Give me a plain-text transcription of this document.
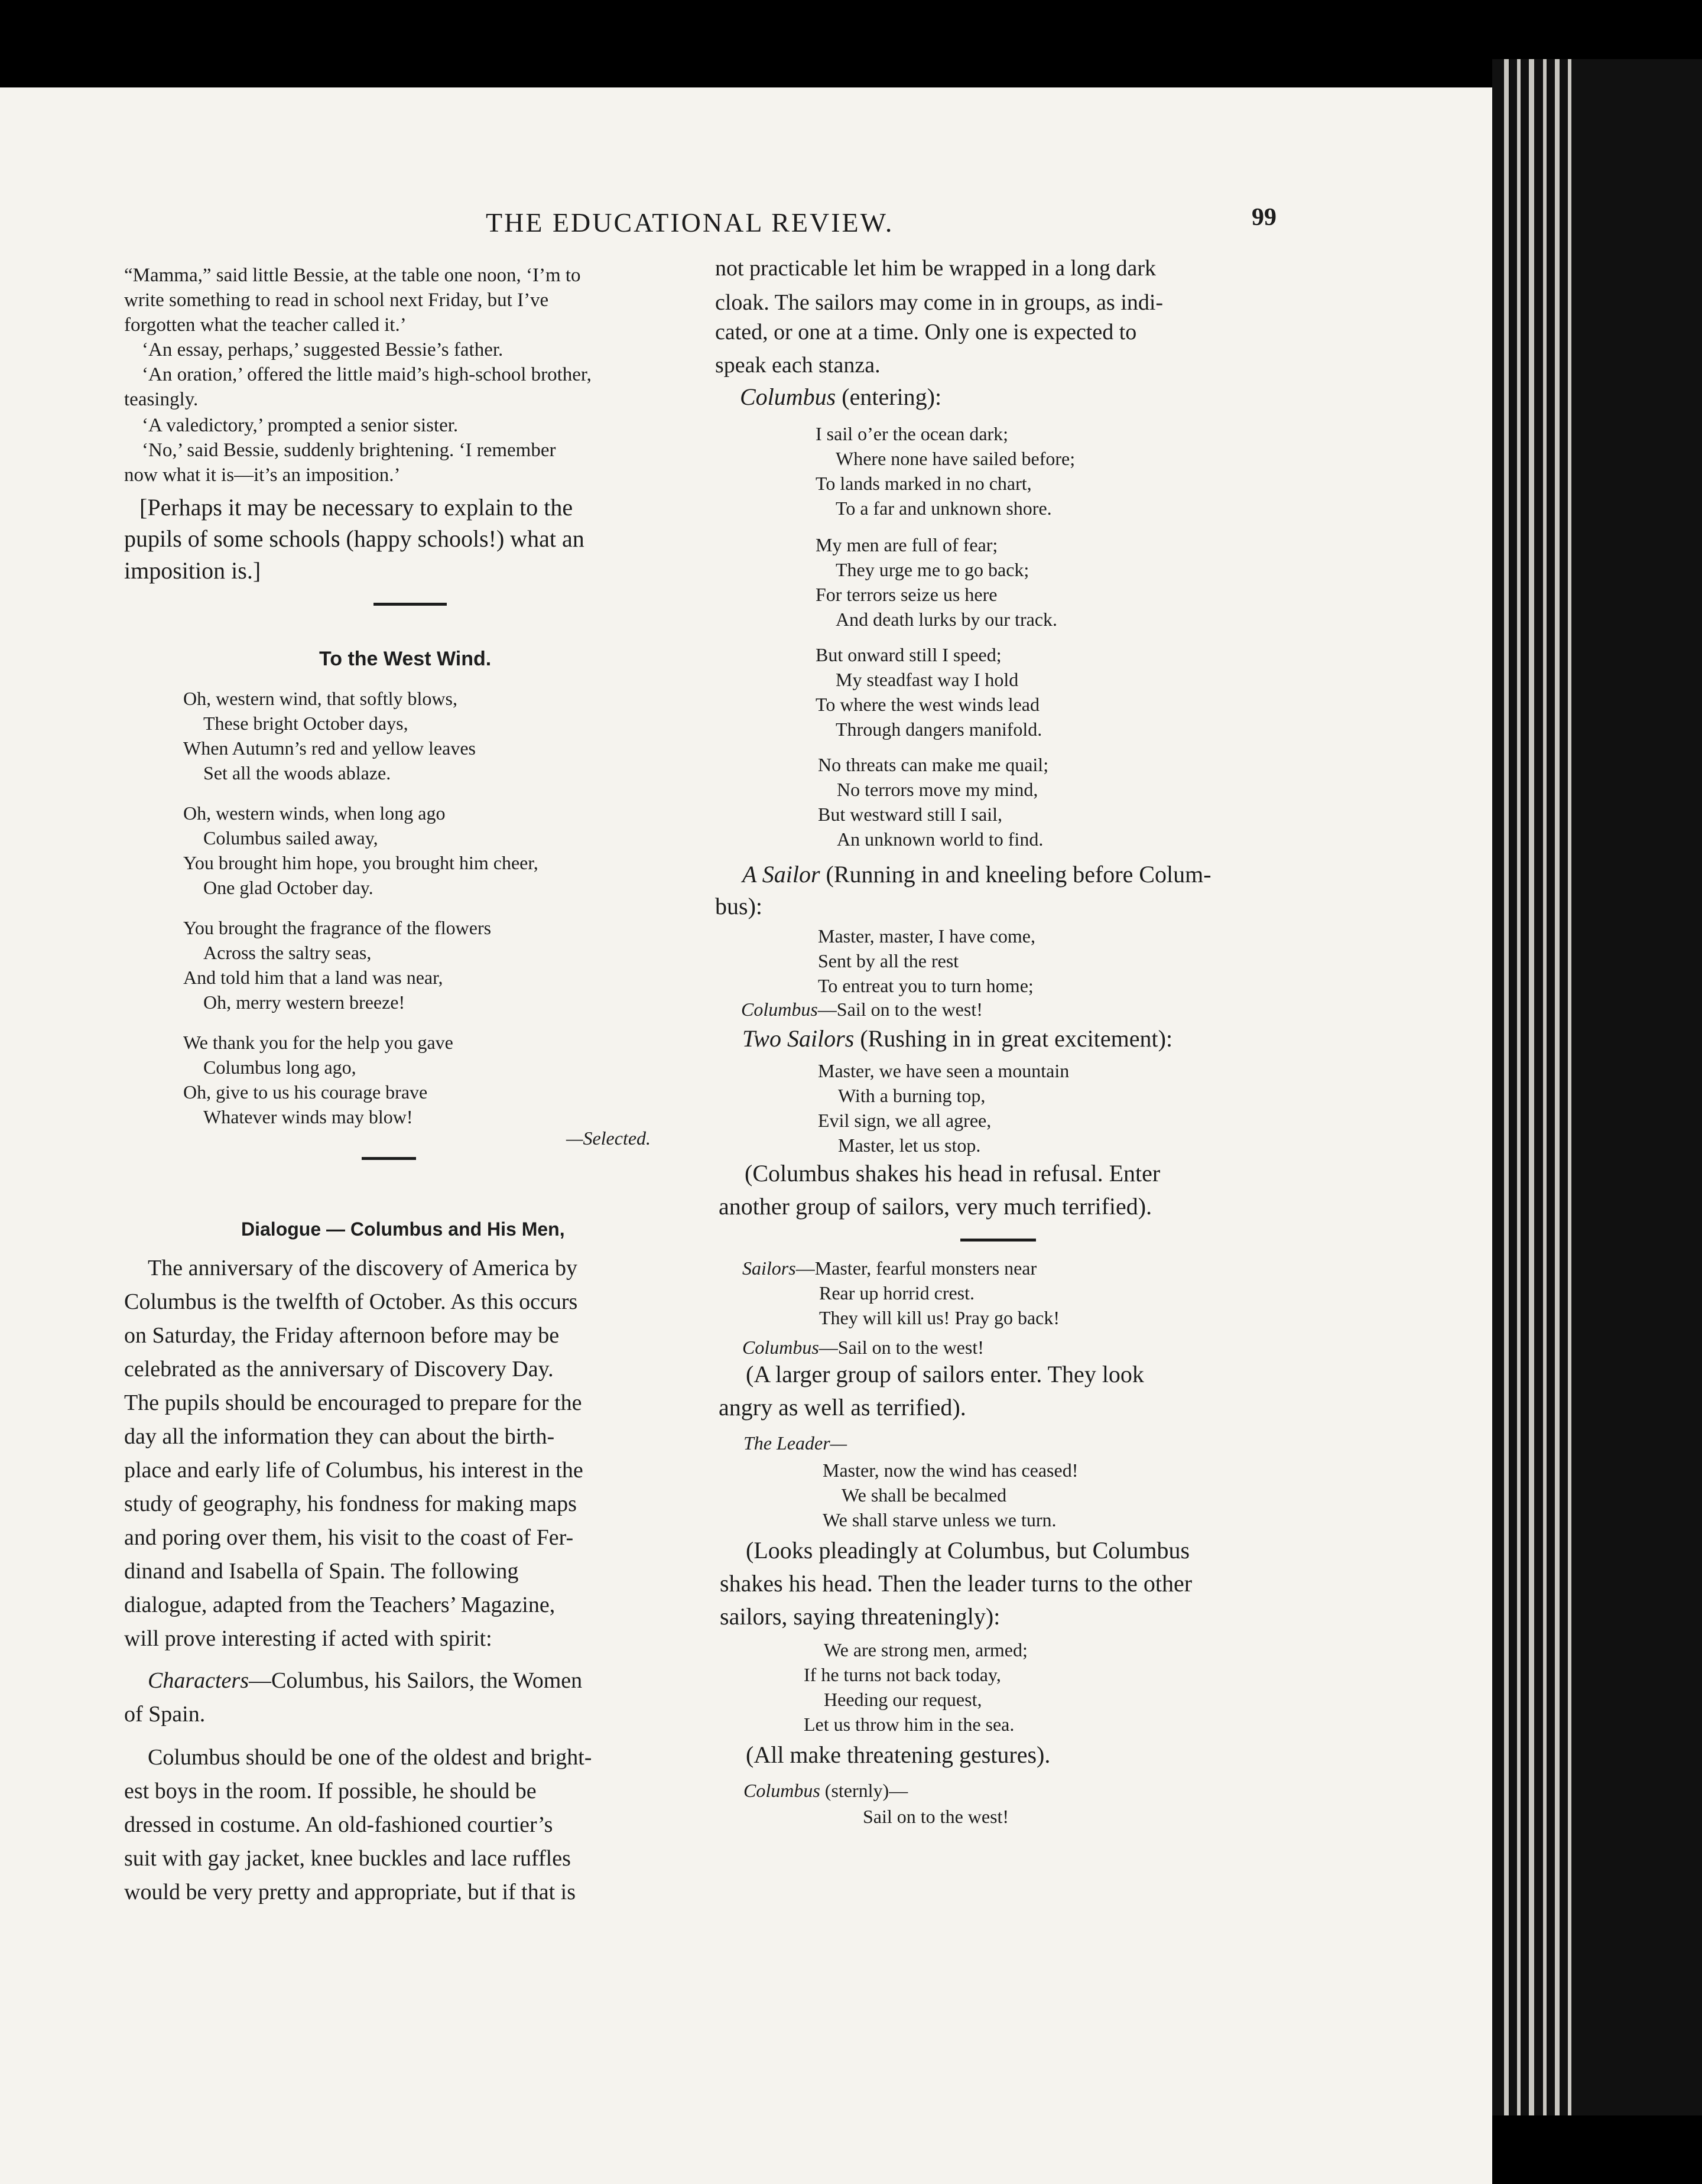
THE EDUCATIONAL REVIEW.	99
“Mamma,” said little Bessie, at the table one noon, ‘I’m to
write something to read in school next Friday, but I’ve
forgotten what the teacher called it.’
‘An essay, perhaps,’ suggested Bessie’s father.
‘An oration,’ offered the little maid’s high-school brother,
teasingly.
‘A valedictory,’ prompted a senior sister.
‘No,’ said Bessie, suddenly brightening. ‘I remember
now what it is—it’s an imposition.’
[Perhaps it may be necessary to explain to the
pupils of some schools (happy schools!) what an
imposition is.]
To the West Wind.
Oh, western wind, that softly blows,
These bright October days,
When Autumn’s red and yellow leaves
Set all the woods ablaze.
Oh, western winds, when long ago
Columbus sailed away,
You brought him hope, you brought him cheer,
One glad October day.
You brought the fragrance of the flowers
Across the saltry seas,
And told him that a land was near,
Oh, merry western breeze!
We thank you for the help you gave
Columbus long ago,
Oh, give to us his courage brave
Whatever winds may blow!
—Selected.
Dialogue — Columbus and His Men,
The anniversary of the discovery of America by
Columbus is the twelfth of October. As this occurs
on Saturday, the Friday afternoon before may be
celebrated as the anniversary of Discovery Day.
The pupils should be encouraged to prepare for the
day all the information they can about the birth-
place and early life of Columbus, his interest in the
study of geography, his fondness for making maps
and poring over them, his visit to the coast of Fer-
dinand and Isabella of Spain. The following
dialogue, adapted from the Teachers’ Magazine,
will prove interesting if acted with spirit:
Characters—Columbus, his Sailors, the Women
of Spain.
Columbus should be one of the oldest and bright-
est boys in the room. If possible, he should be
dressed in costume. An old-fashioned courtier’s
suit with gay jacket, knee buckles and lace ruffles
would be very pretty and appropriate, but if that is
not practicable let him be wrapped in a long dark
cloak. The sailors may come in in groups, as indi-
cated, or one at a time. Only one is expected to
speak each stanza.
Columbus (entering):
I sail o’er the ocean dark;
Where none have sailed before;
To lands marked in no chart,
To a far and unknown shore.
My men are full of fear;
They urge me to go back;
For terrors seize us here
And death lurks by our track.
But onward still I speed;
My steadfast way I hold
To where the west winds lead
Through dangers manifold.
No threats can make me quail;
No terrors move my mind,
But westward still I sail,
An unknown world to find.
A Sailor (Running in and kneeling before Colum-
bus):
Master, master, I have come,
Sent by all the rest
To entreat you to turn home;
Columbus—Sail on to the west!
Two Sailors (Rushing in in great excitement):
Master, we have seen a mountain
With a burning top,
Evil sign, we all agree,
Master, let us stop.
(Columbus shakes his head in refusal. Enter
another group of sailors, very much terrified).
Sailors—Master, fearful monsters near
Rear up horrid crest.
They will kill us! Pray go back!
Columbus—Sail on to the west!
(A larger group of sailors enter. They look
angry as well as terrified).
The Leader—
Master, now the wind has ceased!
We shall be becalmed
We shall starve unless we turn.
(Looks pleadingly at Columbus, but Columbus
shakes his head. Then the leader turns to the other
sailors, saying threateningly):
We are strong men, armed;
If he turns not back today,
Heeding our request,
Let us throw him in the sea.
(All make threatening gestures).
Columbus (sternly)—
Sail on to the west!
